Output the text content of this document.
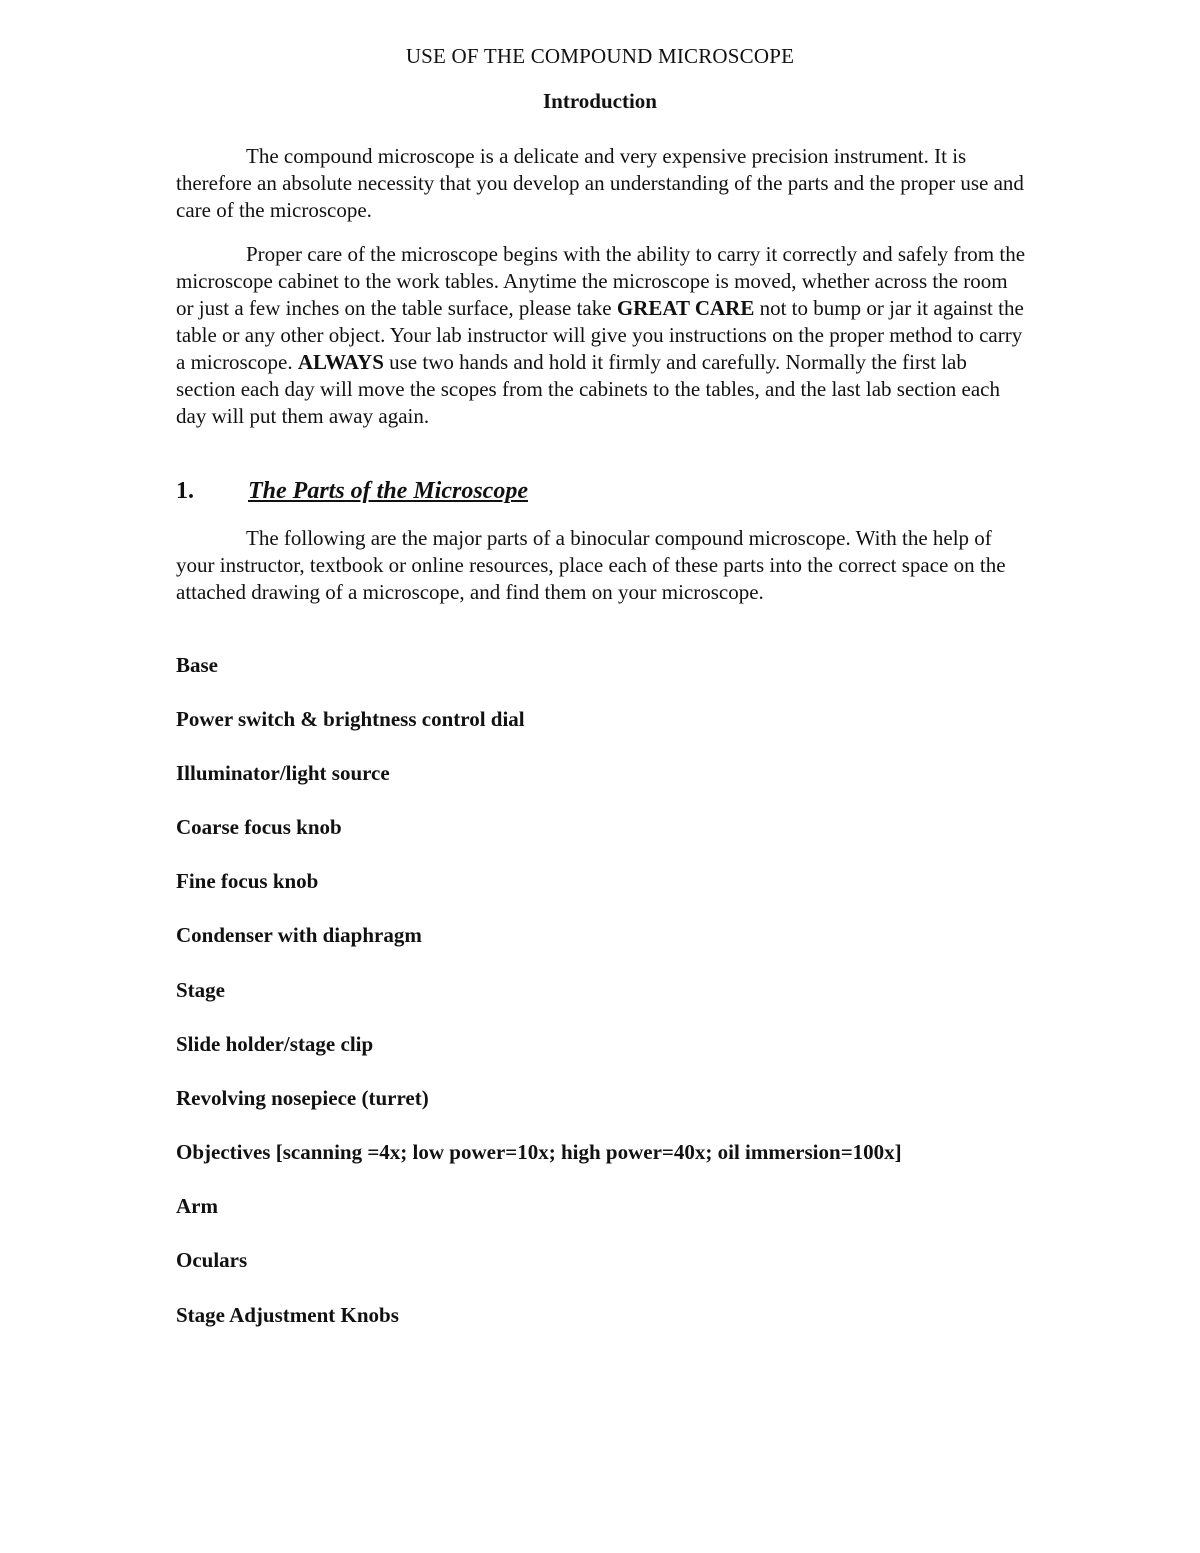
USE OF THE COMPOUND MICROSCOPE
Introduction

The compound microscope is a delicate and very expensive precision instrument. It is therefore an absolute necessity that you develop an understanding of the parts and the proper use and care of the microscope.

Proper care of the microscope begins with the ability to carry it correctly and safely from the microscope cabinet to the work tables. Anytime the microscope is moved, whether across the room or just a few inches on the table surface, please take GREAT CARE not to bump or jar it against the table or any other object. Your lab instructor will give you instructions on the proper method to carry a microscope. ALWAYS use two hands and hold it firmly and carefully. Normally the first lab section each day will move the scopes from the cabinets to the tables, and the last lab section each day will put them away again.

1. The Parts of the Microscope

The following are the major parts of a binocular compound microscope. With the help of your instructor, textbook or online resources, place each of these parts into the correct space on the attached drawing of a microscope, and find them on your microscope.

Base
Power switch & brightness control dial
Illuminator/light source
Coarse focus knob
Fine focus knob
Condenser with diaphragm
Stage
Slide holder/stage clip
Revolving nosepiece (turret)
Objectives [scanning =4x; low power=10x; high power=40x; oil immersion=100x]
Arm
Oculars
Stage Adjustment Knobs
